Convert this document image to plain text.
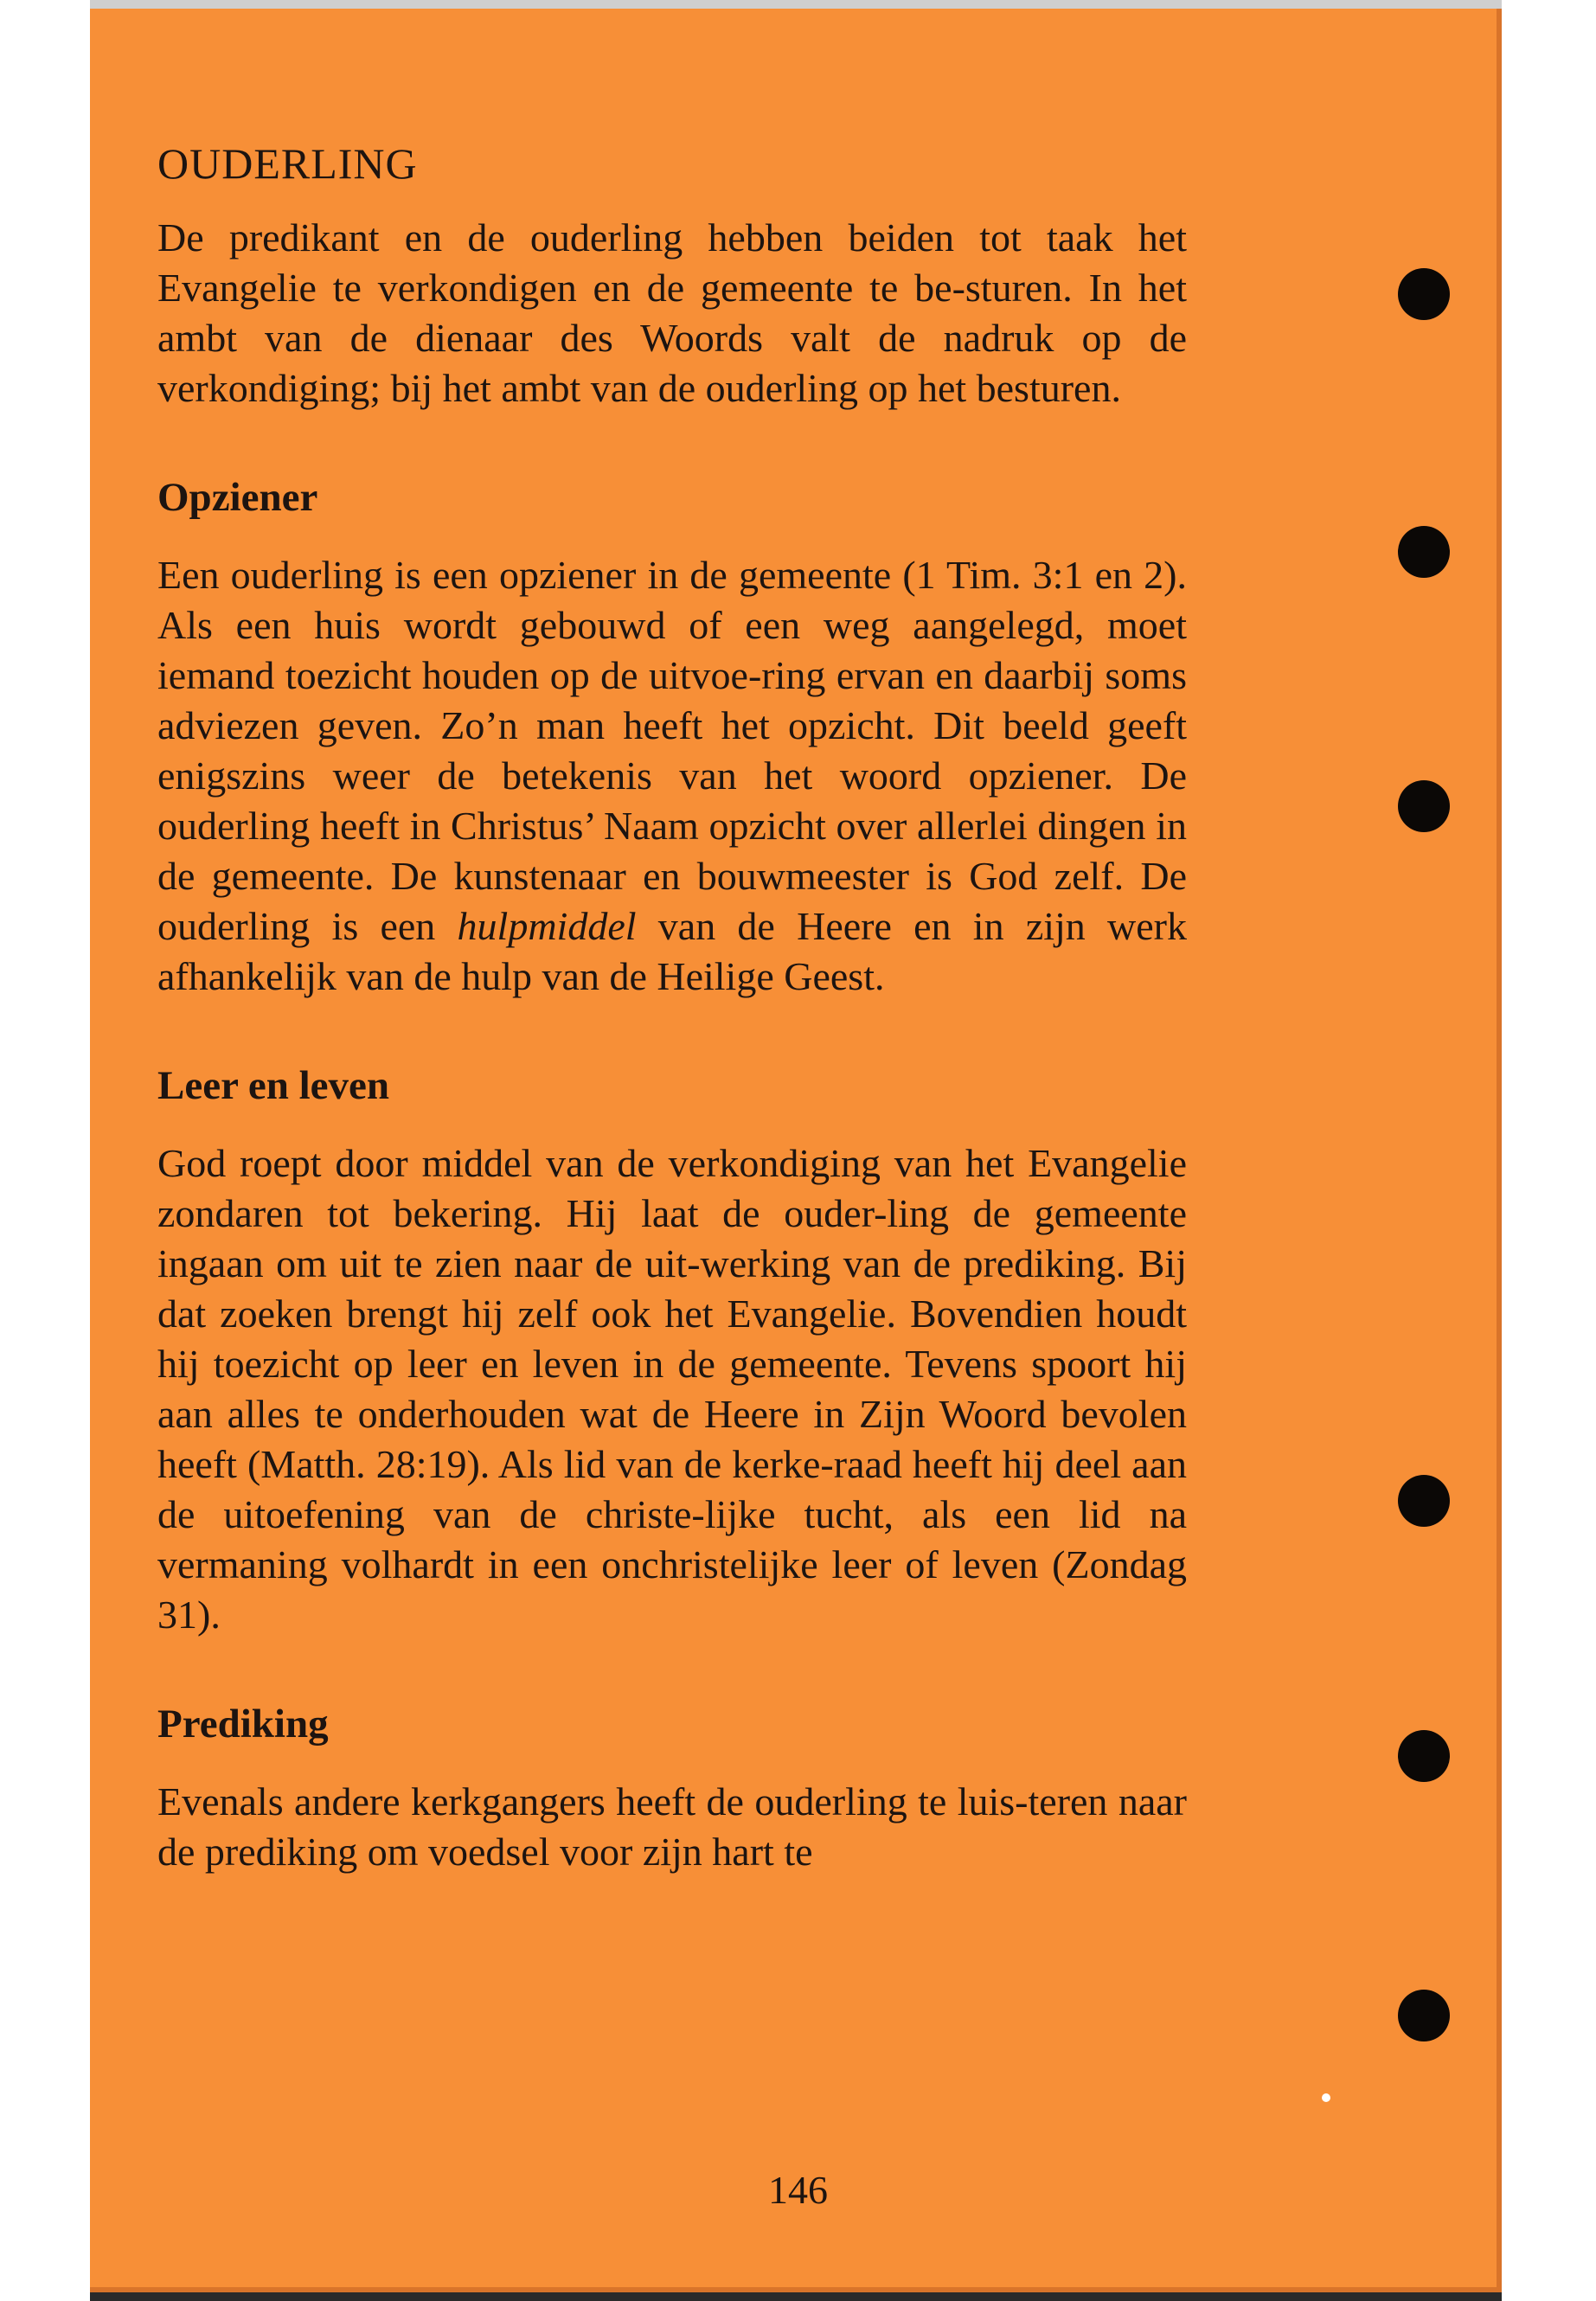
OUDERLING

De predikant en de ouderling hebben beiden tot taak het Evangelie te verkondigen en de gemeente te be-sturen. In het ambt van de dienaar des Woords valt de nadruk op de verkondiging; bij het ambt van de ouderling op het besturen.

Opziener

Een ouderling is een opziener in de gemeente (1 Tim. 3:1 en 2). Als een huis wordt gebouwd of een weg aangelegd, moet iemand toezicht houden op de uitvoe-ring ervan en daarbij soms adviezen geven. Zo’n man heeft het opzicht. Dit beeld geeft enigszins weer de betekenis van het woord opziener. De ouderling heeft in Christus’ Naam opzicht over allerlei dingen in de gemeente. De kunstenaar en bouwmeester is God zelf. De ouderling is een hulpmiddel van de Heere en in zijn werk afhankelijk van de hulp van de Heilige Geest.

Leer en leven

God roept door middel van de verkondiging van het Evangelie zondaren tot bekering. Hij laat de ouder-ling de gemeente ingaan om uit te zien naar de uit-werking van de prediking. Bij dat zoeken brengt hij zelf ook het Evangelie. Bovendien houdt hij toezicht op leer en leven in de gemeente. Tevens spoort hij aan alles te onderhouden wat de Heere in Zijn Woord bevolen heeft (Matth. 28:19). Als lid van de kerke-raad heeft hij deel aan de uitoefening van de christe-lijke tucht, als een lid na vermaning volhardt in een onchristelijke leer of leven (Zondag 31).

Prediking

Evenals andere kerkgangers heeft de ouderling te luis-teren naar de prediking om voedsel voor zijn hart te

146
